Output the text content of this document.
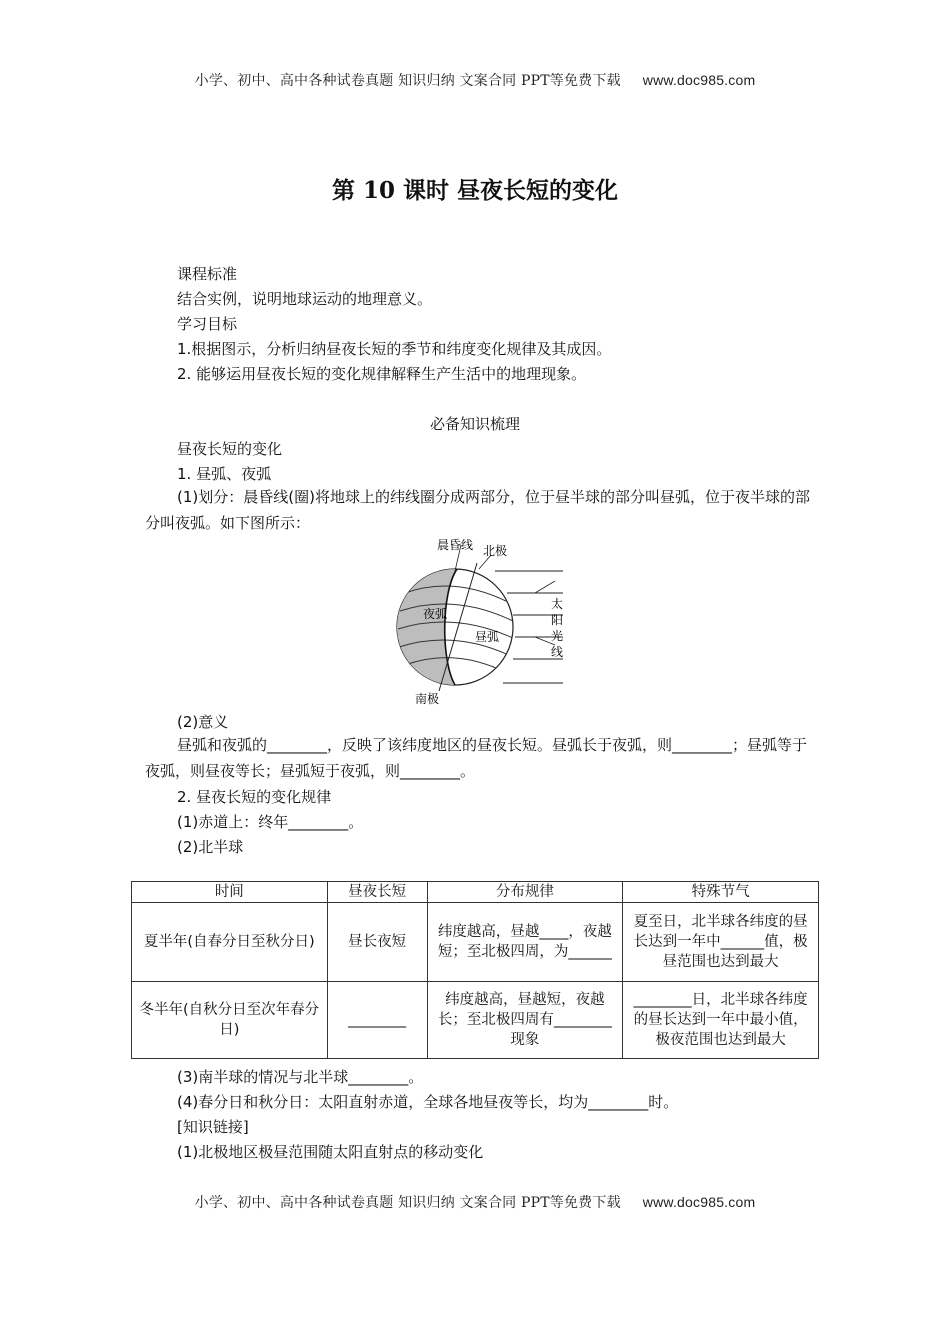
小学、初中、高中各种试卷真题 知识归纳 文案合同 PPT等免费下载 www.doc985.com
第 10 课时 昼夜长短的变化
课程标准
结合实例，说明地球运动的地理意义。
学习目标
1.根据图示，分析归纳昼夜长短的季节和纬度变化规律及其成因。
2. 能够运用昼夜长短的变化规律解释生产生活中的地理现象。
必备知识梳理
昼夜长短的变化
1. 昼弧、夜弧
(1)划分：晨昏线(圈)将地球上的纬线圈分成两部分，位于昼半球的部分叫昼弧，位于夜半球的部分叫夜弧。如下图所示：
晨昏线 北极
夜弧
昼弧
南极
太
阳
光
线
(2)意义
昼弧和夜弧的________，反映了该纬度地区的昼夜长短。昼弧长于夜弧，则________；昼弧等于夜弧，则昼夜等长；昼弧短于夜弧，则________。
2. 昼夜长短的变化规律
(1)赤道上：终年________。
(2)北半球
时间	昼夜长短	分布规律	特殊节气
夏半年(自春分日至秋分日)	昼长夜短	纬度越高，昼越____，夜越短；至北极四周，为______	夏至日，北半球各纬度的昼长达到一年中______值，极昼范围也达到最大
冬半年(自秋分日至次年春分日)	________	纬度越高，昼越短，夜越长；至北极四周有________现象	________日，北半球各纬度的昼长达到一年中最小值，极夜范围也达到最大
(3)南半球的情况与北半球________。
(4)春分日和秋分日：太阳直射赤道，全球各地昼夜等长，均为________时。
[知识链接]
(1)北极地区极昼范围随太阳直射点的移动变化
小学、初中、高中各种试卷真题 知识归纳 文案合同 PPT等免费下载 www.doc985.com
